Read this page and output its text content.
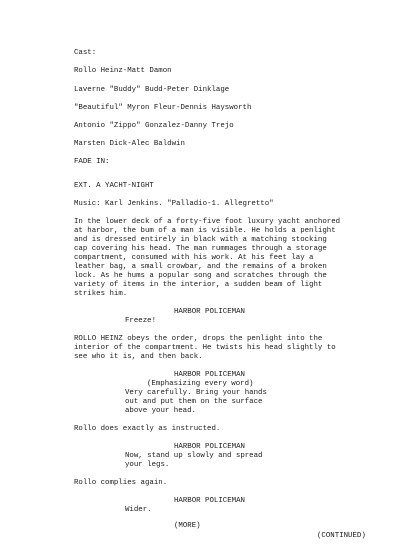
Cast:

Rollo Heinz-Matt Damon

Laverne "Buddy" Budd-Peter Dinklage

"Beautiful" Myron Fleur-Dennis Haysworth

Antonio "Zippo" Gonzalez-Danny Trejo

Marsten Dick-Alec Baldwin

FADE IN:

EXT. A YACHT-NIGHT

Music: Karl Jenkins. "Palladio-1. Allegretto"

In the lower deck of a forty-five foot luxury yacht anchored

at harbor, the bum of a man is visible. He holds a penlight

and is dressed entirely in black with a matching stocking

cap covering his head. The man rummages through a storage

compartment, consumed with his work. At his feet lay a

leather bag, a small crowbar, and the remains of a broken

lock. As he hums a popular song and scratches through the

variety of items in the interior, a sudden beam of light

strikes him.

HARBOR POLICEMAN

Freeze!

ROLLO HEINZ obeys the order, drops the penlight into the

interior of the compartment. He twists his head slightly to

see who it is, and then back.

HARBOR POLICEMAN

(Emphasizing every word)

Very carefully. Bring your hands

out and put them on the surface

above your head.

Rollo does exactly as instructed.

HARBOR POLICEMAN

Now, stand up slowly and spread

your legs.

Rollo complies again.

HARBOR POLICEMAN

Wider.

(MORE)

(CONTINUED)
